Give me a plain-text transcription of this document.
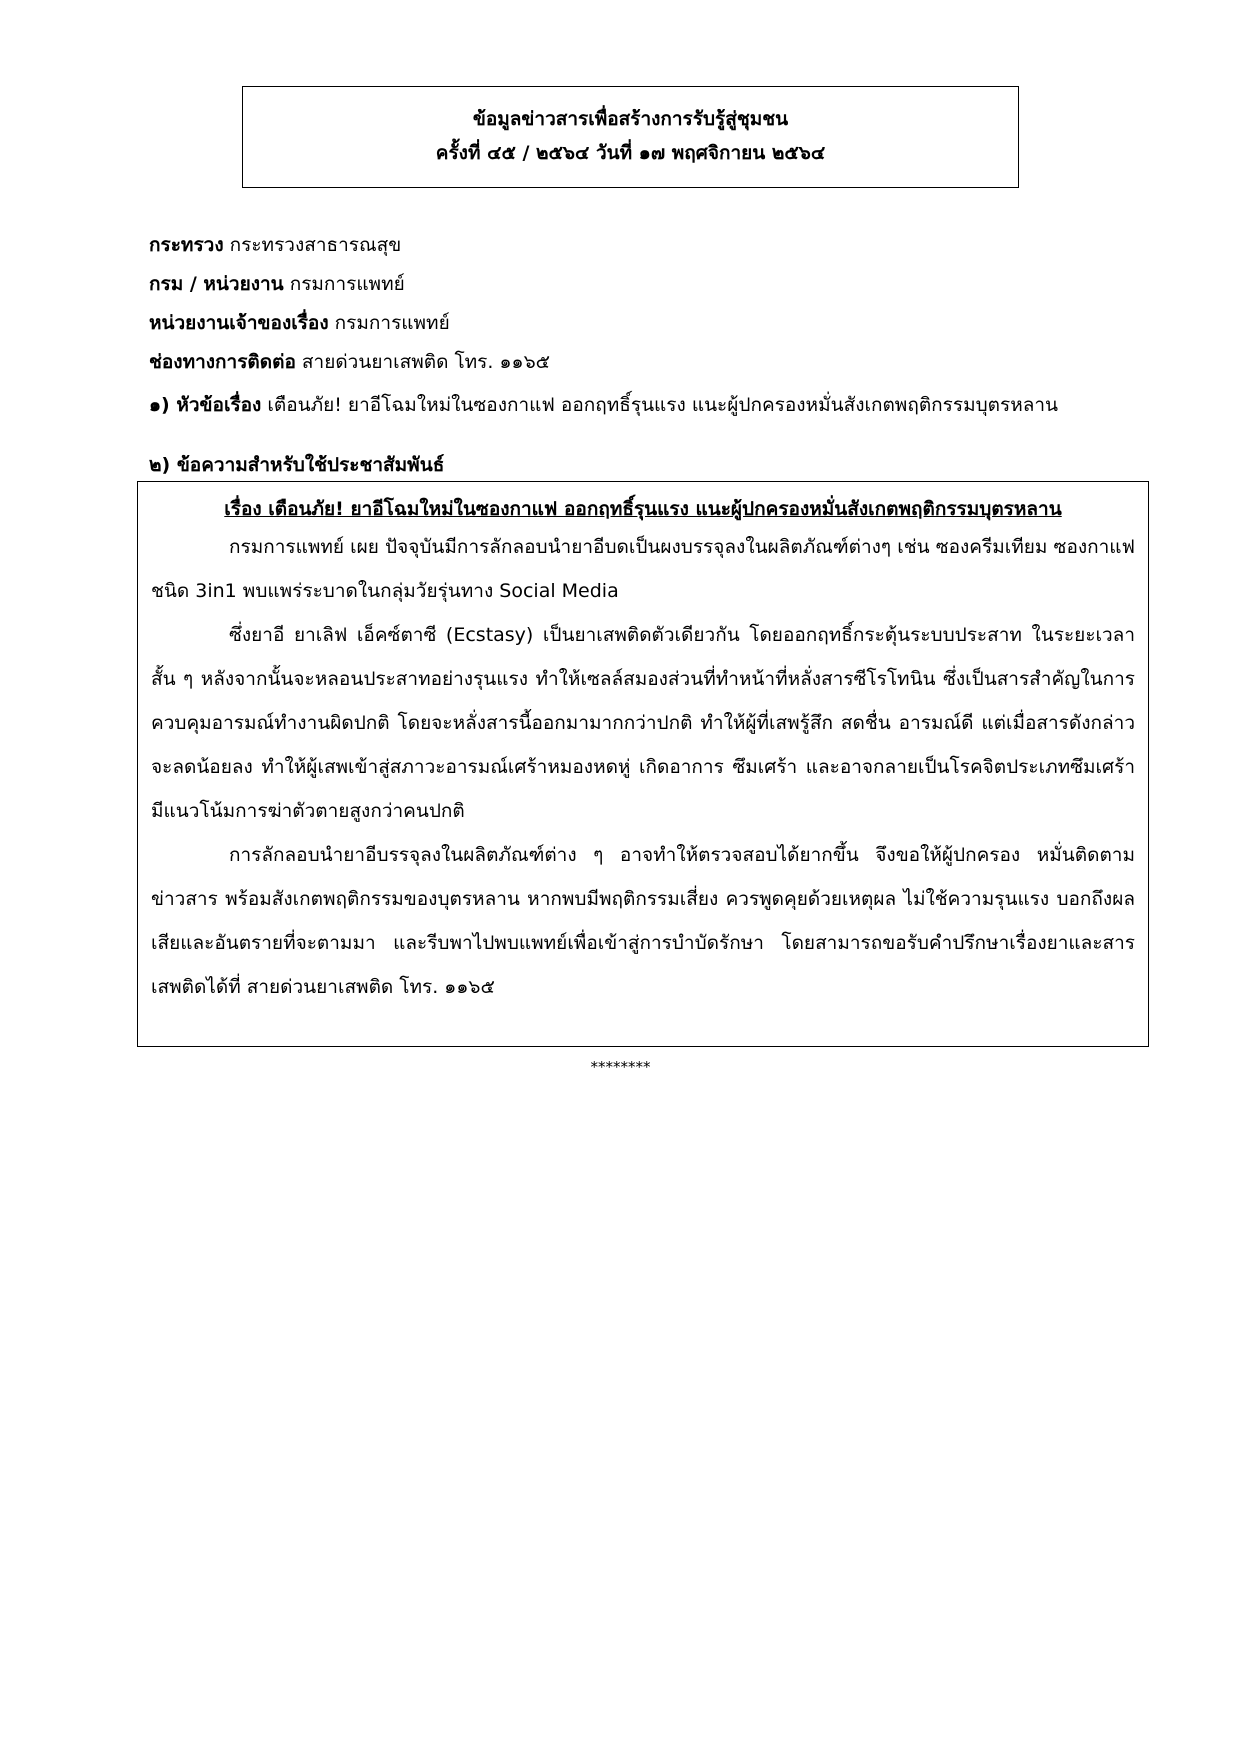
ข้อมูลข่าวสารเพื่อสร้างการรับรู้สู่ชุมชน
ครั้งที่ ๔๕ / ๒๕๖๔ วันที่ ๑๗ พฤศจิกายน ๒๕๖๔
กระทรวง กระทรวงสาธารณสุข
กรม / หน่วยงาน กรมการแพทย์
หน่วยงานเจ้าของเรื่อง กรมการแพทย์
ช่องทางการติดต่อ สายด่วนยาเสพติด โทร. ๑๑๖๕
๑) หัวข้อเรื่อง เตือนภัย! ยาอีโฉมใหม่ในซองกาแฟ ออกฤทธิ์รุนแรง แนะผู้ปกครองหมั่นสังเกตพฤติกรรมบุตรหลาน
๒) ข้อความสำหรับใช้ประชาสัมพันธ์
เรื่อง เตือนภัย! ยาอีโฉมใหม่ในซองกาแฟ ออกฤทธิ์รุนแรง แนะผู้ปกครองหมั่นสังเกตพฤติกรรมบุตรหลาน

กรมการแพทย์ เผย ปัจจุบันมีการลักลอบนำยาอีบดเป็นผงบรรจุลงในผลิตภัณฑ์ต่างๆ เช่น ซองครีมเทียม ซองกาแฟ ชนิด 3in1 พบแพร่ระบาดในกลุ่มวัยรุ่นทาง Social Media

ซึ่งยาอี ยาเลิฟ เอ็คซ์ตาซี (Ecstasy) เป็นยาเสพติดตัวเดียวกัน โดยออกฤทธิ์กระตุ้นระบบประสาท ในระยะเวลาสั้น ๆ หลังจากนั้นจะหลอนประสาทอย่างรุนแรง ทำให้เซลล์สมองส่วนที่ทำหน้าที่หลั่งสารซีโรโทนิน ซึ่งเป็นสารสำคัญในการควบคุมอารมณ์ทำงานผิดปกติ โดยจะหลั่งสารนี้ออกมามากกว่าปกติ ทำให้ผู้ที่เสพรู้สึก สดชื่น อารมณ์ดี แต่เมื่อสารดังกล่าวจะลดน้อยลง ทำให้ผู้เสพเข้าสู่สภาวะอารมณ์เศร้าหมองหดหู่ เกิดอาการ ซึมเศร้า และอาจกลายเป็นโรคจิตประเภทซึมเศร้า มีแนวโน้มการฆ่าตัวตายสูงกว่าคนปกติ

การลักลอบนำยาอีบรรจุลงในผลิตภัณฑ์ต่าง ๆ อาจทำให้ตรวจสอบได้ยากขึ้น จึงขอให้ผู้ปกครอง หมั่นติดตามข่าวสาร พร้อมสังเกตพฤติกรรมของบุตรหลาน หากพบมีพฤติกรรมเสี่ยง ควรพูดคุยด้วยเหตุผล ไม่ใช้ความรุนแรง บอกถึงผลเสียและอันตรายที่จะตามมา และรีบพาไปพบแพทย์เพื่อเข้าสู่การบำบัดรักษา โดยสามารถขอรับคำปรึกษาเรื่องยาและสารเสพติดได้ที่ สายด่วนยาเสพติด โทร. ๑๑๖๕

********
